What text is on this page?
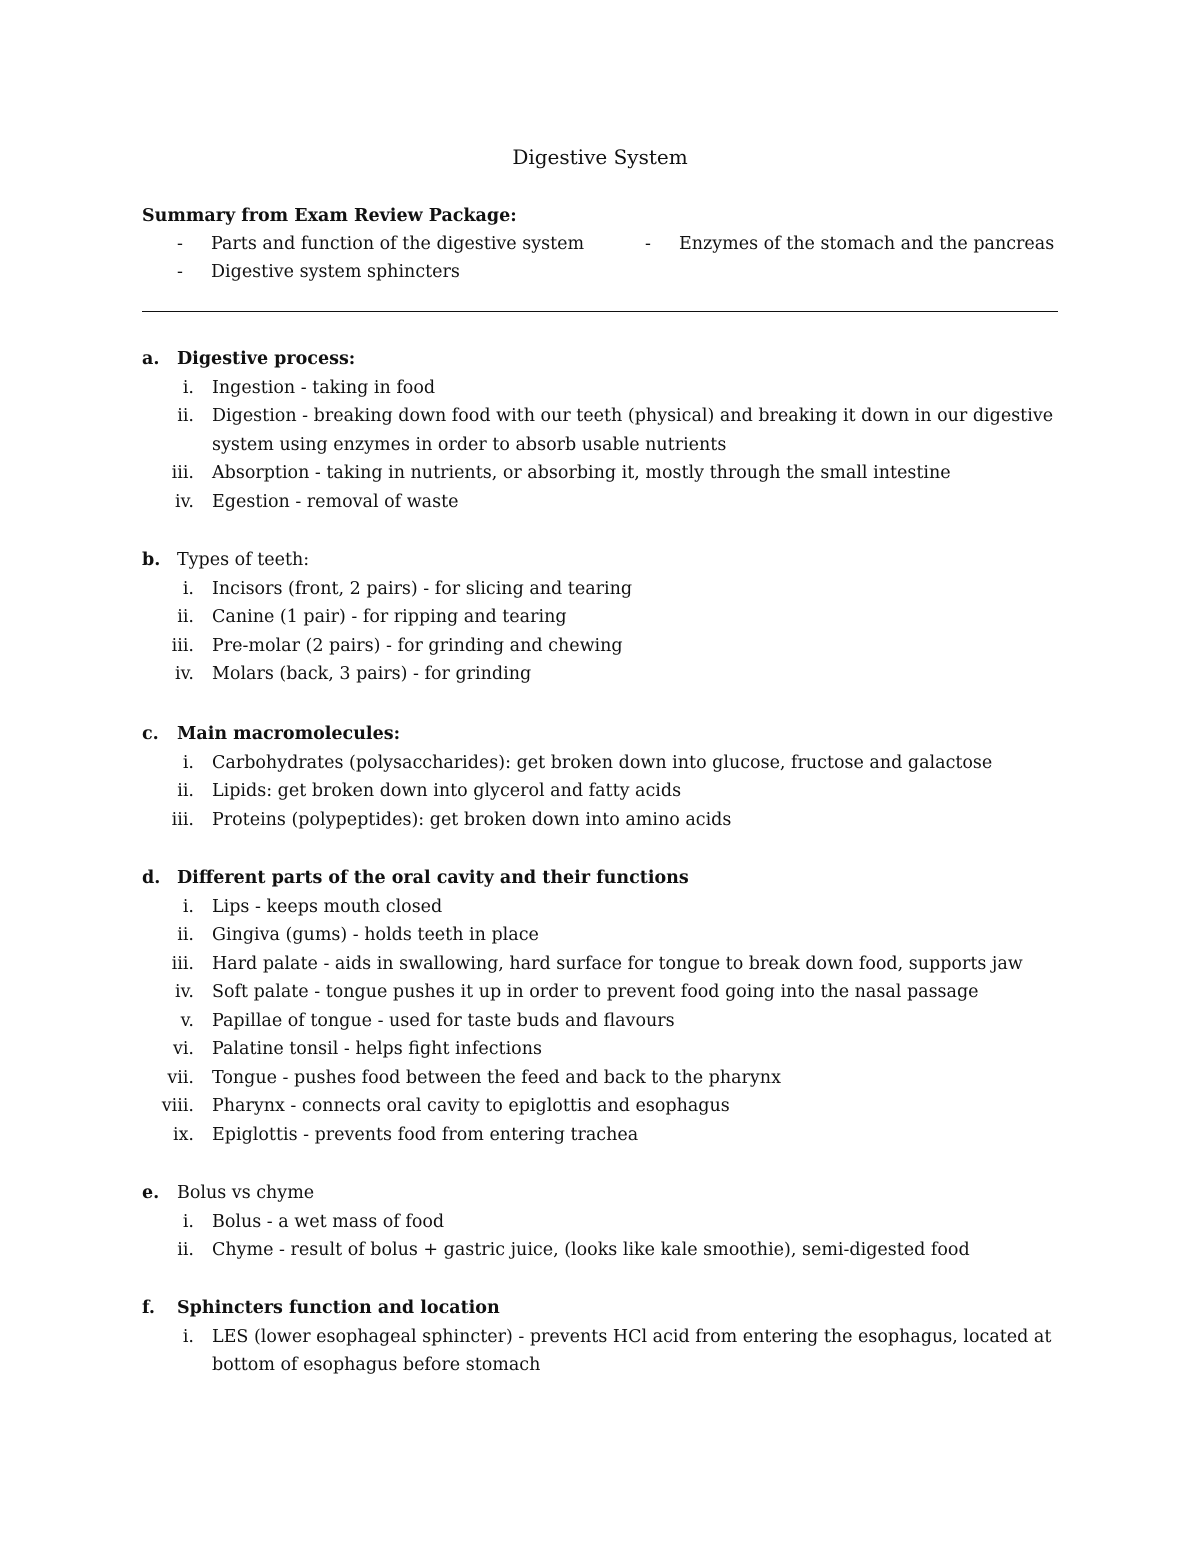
Digestive System
Summary from Exam Review Package:
- Parts and function of the digestive system	- Enzymes of the stomach and the pancreas
- Digestive system sphincters
a. Digestive process:
i. Ingestion - taking in food
ii. Digestion - breaking down food with our teeth (physical) and breaking it down in our digestive system using enzymes in order to absorb usable nutrients
iii. Absorption - taking in nutrients, or absorbing it, mostly through the small intestine
iv. Egestion - removal of waste
b. Types of teeth:
i. Incisors (front, 2 pairs) - for slicing and tearing
ii. Canine (1 pair) - for ripping and tearing
iii. Pre-molar (2 pairs) - for grinding and chewing
iv. Molars (back, 3 pairs) - for grinding
c. Main macromolecules:
i. Carbohydrates (polysaccharides): get broken down into glucose, fructose and galactose
ii. Lipids: get broken down into glycerol and fatty acids
iii. Proteins (polypeptides): get broken down into amino acids
d. Different parts of the oral cavity and their functions
i. Lips - keeps mouth closed
ii. Gingiva (gums) - holds teeth in place
iii. Hard palate - aids in swallowing, hard surface for tongue to break down food, supports jaw
iv. Soft palate - tongue pushes it up in order to prevent food going into the nasal passage
v. Papillae of tongue - used for taste buds and flavours
vi. Palatine tonsil - helps fight infections
vii. Tongue - pushes food between the feed and back to the pharynx
viii. Pharynx - connects oral cavity to epiglottis and esophagus
ix. Epiglottis - prevents food from entering trachea
e. Bolus vs chyme
i. Bolus - a wet mass of food
ii. Chyme - result of bolus + gastric juice, (looks like kale smoothie), semi-digested food
f. Sphincters function and location
i. LES (lower esophageal sphincter) - prevents HCl acid from entering the esophagus, located at bottom of esophagus before stomach
